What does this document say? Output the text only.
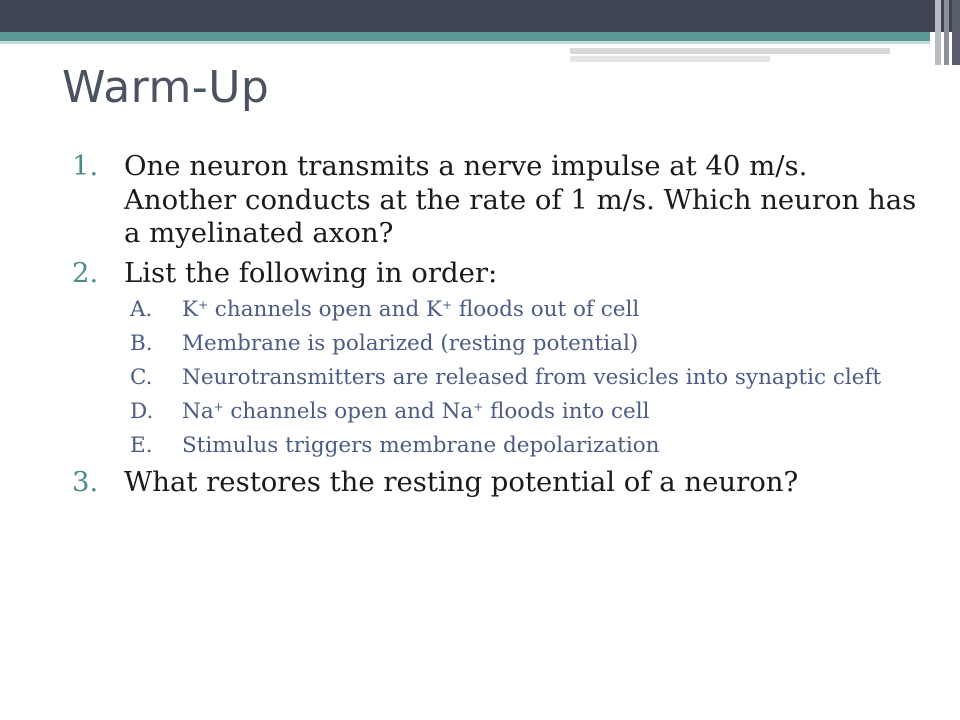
Warm-Up
1. One neuron transmits a nerve impulse at 40 m/s. Another conducts at the rate of 1 m/s. Which neuron has a myelinated axon?
2. List the following in order:
A.	K+ channels open and K+ floods out of cell
B.	Membrane is polarized (resting potential)
C.	Neurotransmitters are released from vesicles into synaptic cleft
D.	Na+ channels open and Na+ floods into cell
E.	Stimulus triggers membrane depolarization
3. What restores the resting potential of a neuron?
